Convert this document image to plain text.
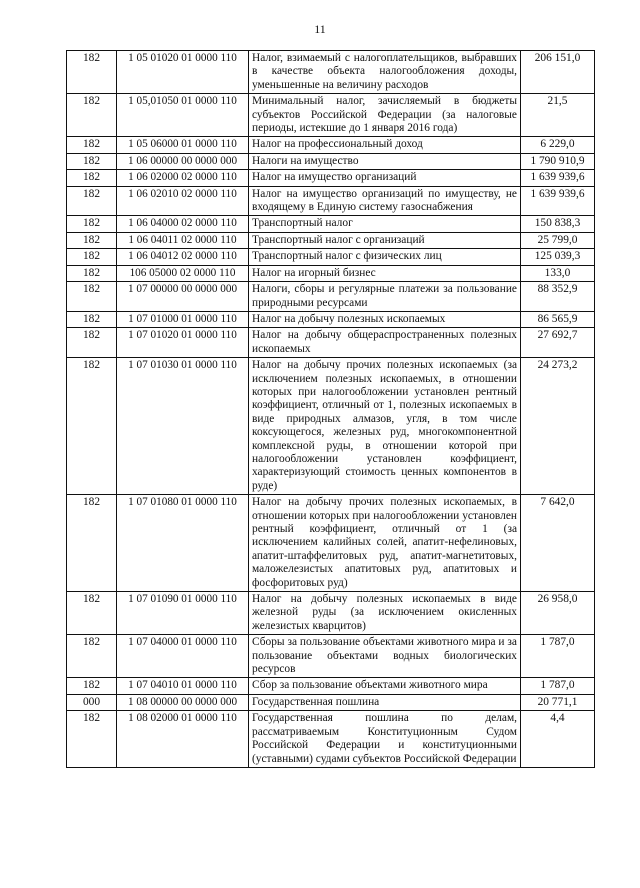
11
182	1 05 01020 01 0000 110	Налог, взимаемый с налогоплательщиков, выбравших в качестве объекта налогообложения доходы, уменьшенные на величину расходов	206 151,0
182	1 05,01050 01 0000 110	Минимальный налог, зачисляемый в бюджеты субъектов Российской Федерации (за налоговые периоды, истекшие до 1 января 2016 года)	21,5
182	1 05 06000 01 0000 110	Налог на профессиональный доход	6 229,0
182	1 06 00000 00 0000 000	Налоги на имущество	1 790 910,9
182	1 06 02000 02 0000 110	Налог на имущество организаций	1 639 939,6
182	1 06 02010 02 0000 110	Налог на имущество организаций по имуществу, не входящему в Единую систему газоснабжения	1 639 939,6
182	1 06 04000 02 0000 110	Транспортный налог	150 838,3
182	1 06 04011 02 0000 110	Транспортный налог с организаций	25 799,0
182	1 06 04012 02 0000 110	Транспортный налог с физических лиц	125 039,3
182	106 05000 02 0000 110	Налог на игорный бизнес	133,0
182	1 07 00000 00 0000 000	Налоги, сборы и регулярные платежи за пользование природными ресурсами	88 352,9
182	1 07 01000 01 0000 110	Налог на добычу полезных ископаемых	86 565,9
182	1 07 01020 01 0000 110	Налог на добычу общераспространенных полезных ископаемых	27 692,7
182	1 07 01030 01 0000 110	Налог на добычу прочих полезных ископаемых (за исключением полезных ископаемых, в отношении которых при налогообложении установлен рентный коэффициент, отличный от 1, полезных ископаемых в виде природных алмазов, угля, в том числе коксующегося, железных руд, многокомпонентной комплексной руды, в отношении которой при налогообложении установлен коэффициент, характеризующий стоимость ценных компонентов в руде)	24 273,2
182	1 07 01080 01 0000 110	Налог на добычу прочих полезных ископаемых, в отношении которых при налогообложении установлен рентный коэффициент, отличный от 1 (за исключением калийных солей, апатит-нефелиновых, апатит-штаффелитовых руд, апатит-магнетитовых, маложелезистых апатитовых руд, апатитовых и фосфоритовых руд)	7 642,0
182	1 07 01090 01 0000 110	Налог на добычу полезных ископаемых в виде железной руды (за исключением окисленных железистых кварцитов)	26 958,0
182	1 07 04000 01 0000 110	Сборы за пользование объектами животного мира и за пользование объектами водных биологических ресурсов	1 787,0
182	1 07 04010 01 0000 110	Сбор за пользование объектами животного мира	1 787,0
000	1 08 00000 00 0000 000	Государственная пошлина	20 771,1
182	1 08 02000 01 0000 110	Государственная пошлина по делам, рассматриваемым Конституционным Судом Российской Федерации и конституционными (уставными) судами субъектов Российской Федерации	4,4
